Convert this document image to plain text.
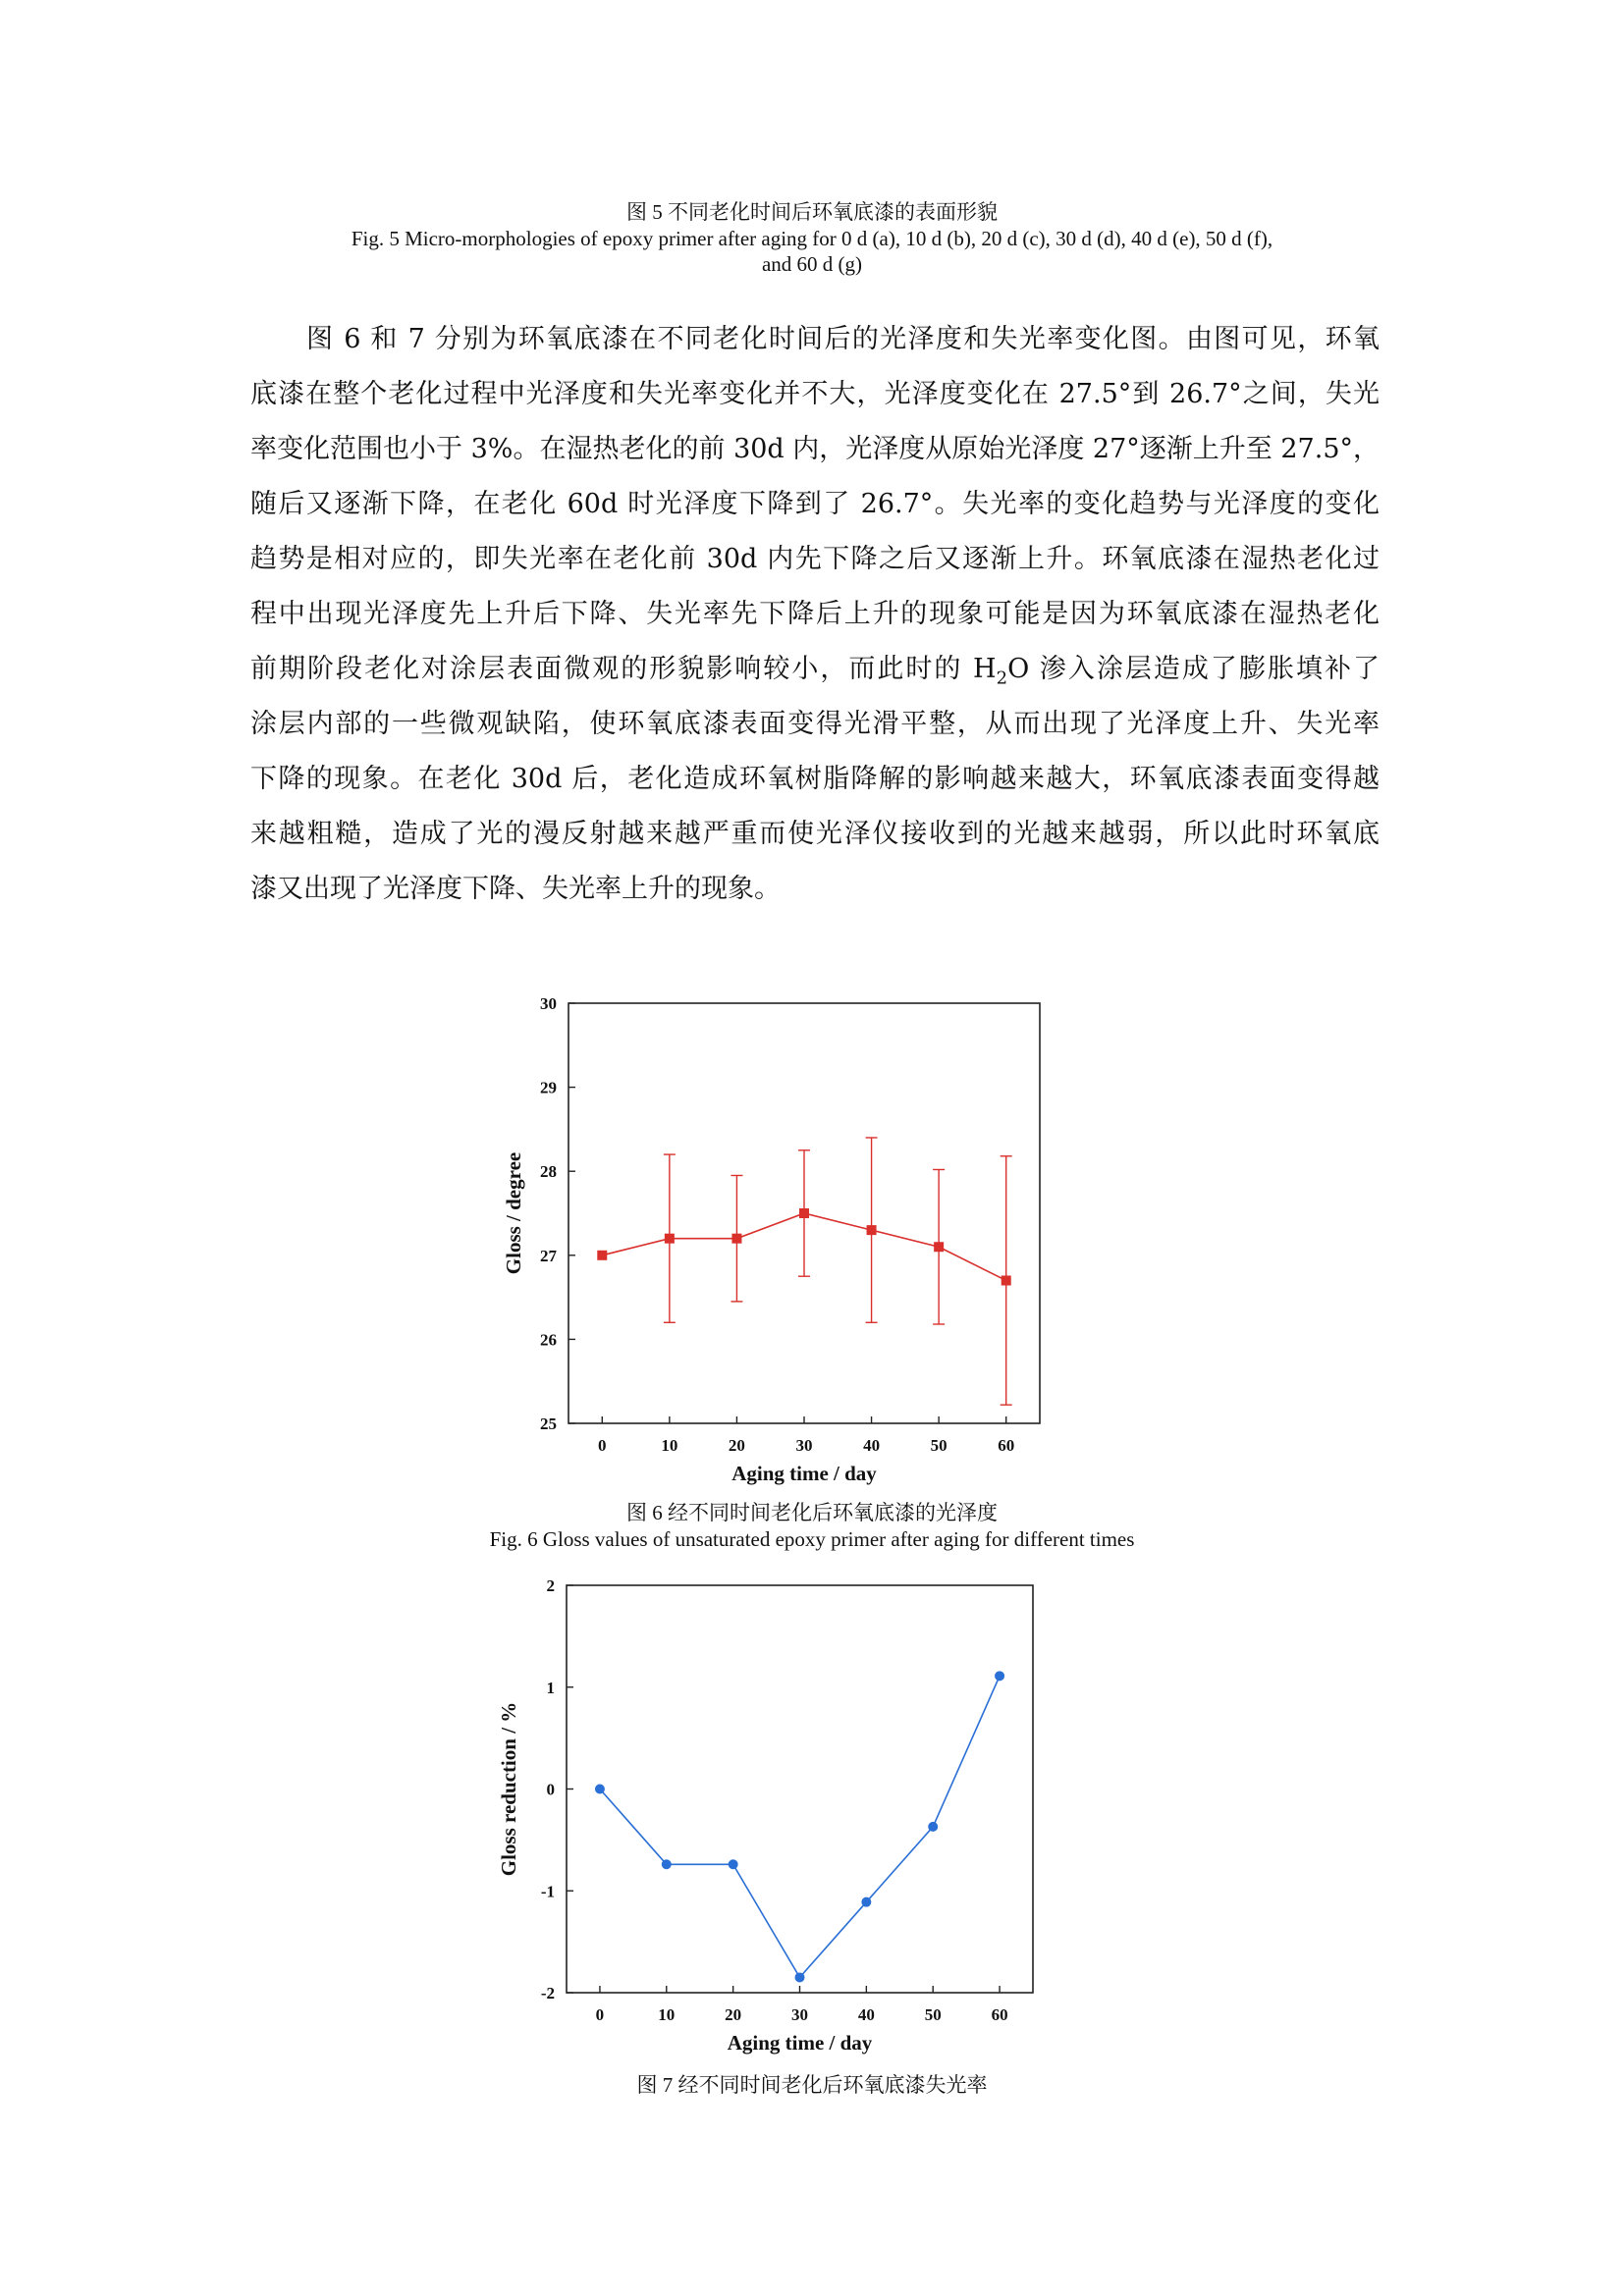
图 5 不同老化时间后环氧底漆的表面形貌
Fig. 5 Micro-morphologies of epoxy primer after aging for 0 d (a), 10 d (b), 20 d (c), 30 d (d), 40 d (e), 50 d (f),
and 60 d (g)
图 6 和 7 分别为环氧底漆在不同老化时间后的光泽度和失光率变化图。由图可见，环氧
底漆在整个老化过程中光泽度和失光率变化并不大，光泽度变化在 27.5°到 26.7°之间，失光
率变化范围也小于 3%。在湿热老化的前 30d 内，光泽度从原始光泽度 27°逐渐上升至 27.5°，
随后又逐渐下降，在老化 60d 时光泽度下降到了 26.7°。失光率的变化趋势与光泽度的变化
趋势是相对应的，即失光率在老化前 30d 内先下降之后又逐渐上升。环氧底漆在湿热老化过
程中出现光泽度先上升后下降、失光率先下降后上升的现象可能是因为环氧底漆在湿热老化
前期阶段老化对涂层表面微观的形貌影响较小，而此时的 $H_2O$ 渗入涂层造成了膨胀填补了
涂层内部的一些微观缺陷，使环氧底漆表面变得光滑平整，从而出现了光泽度上升、失光率
下降的现象。在老化 30d 后，老化造成环氧树脂降解的影响越来越大，环氧底漆表面变得越
来越粗糙，造成了光的漫反射越来越严重而使光泽仪接收到的光越来越弱，所以此时环氧底
漆又出现了光泽度下降、失光率上升的现象。
25
26
27
28
29
30
0	10	20	30	40	50	60
Aging time / day
Gloss / degree
图 6 经不同时间老化后环氧底漆的光泽度
Fig. 6 Gloss values of unsaturated epoxy primer after aging for different times
-2
-1
0
1
2
0	10	20	30	40	50	60
Aging time / day
Gloss reduction / %
图 7 经不同时间老化后环氧底漆失光率
